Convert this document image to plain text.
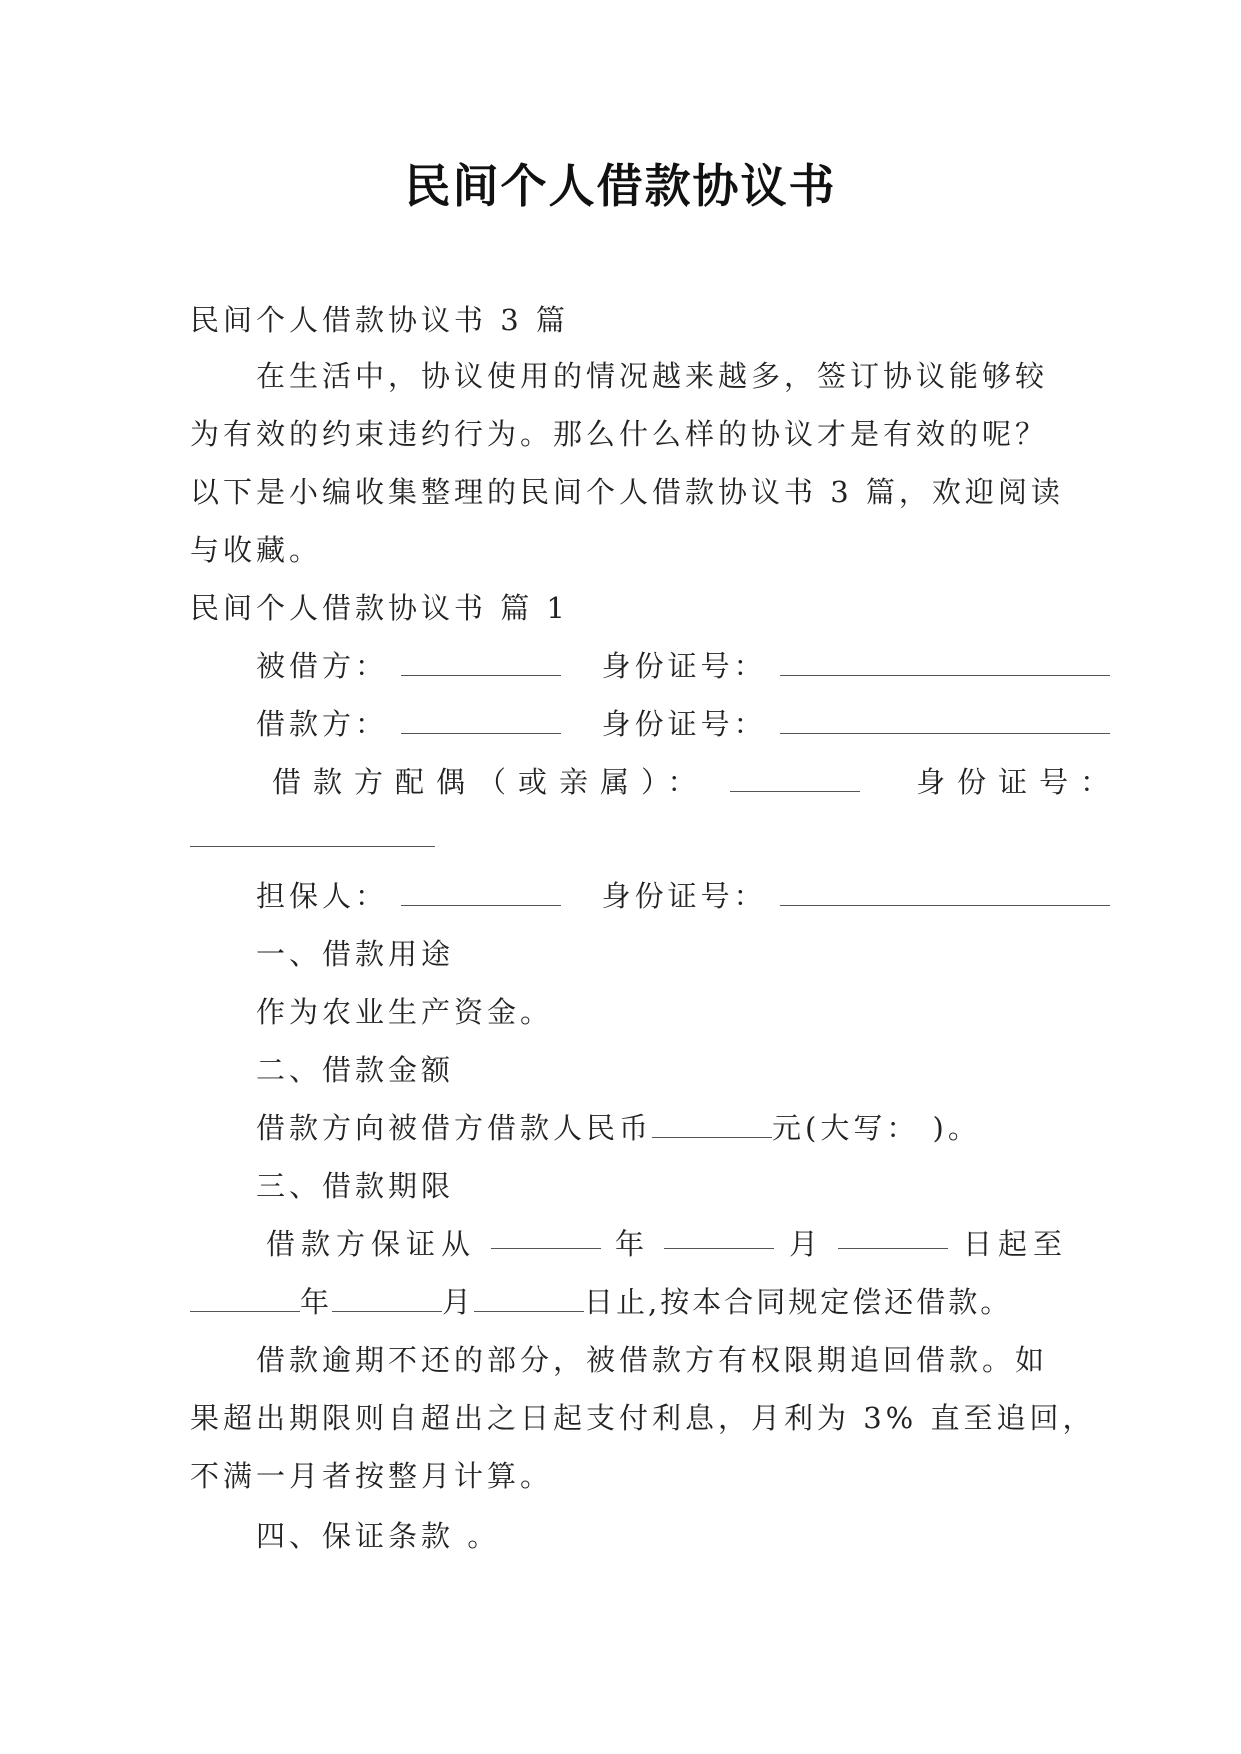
民间个人借款协议书
民间个人借款协议书 3 篇
在生活中，协议使用的情况越来越多，签订协议能够较
为有效的约束违约行为。那么什么样的协议才是有效的呢？
以下是小编收集整理的民间个人借款协议书 3 篇，欢迎阅读
与收藏。
民间个人借款协议书 篇 1
被借方：	身份证号：
借款方：	身份证号：
借款方配偶（或亲属）：	身份证号：
担保人：	身份证号：
一、借款用途
作为农业生产资金。
二、借款金额
借款方向被借方借款人民币	元(大写： )。
三、借款期限
借款方保证从	年	月	日起至
年	月	日止,按本合同规定偿还借款。
借款逾期不还的部分，被借款方有权限期追回借款。如
果超出期限则自超出之日起支付利息，月利为 3% 直至追回，
不满一月者按整月计算。
四、保证条款 。
